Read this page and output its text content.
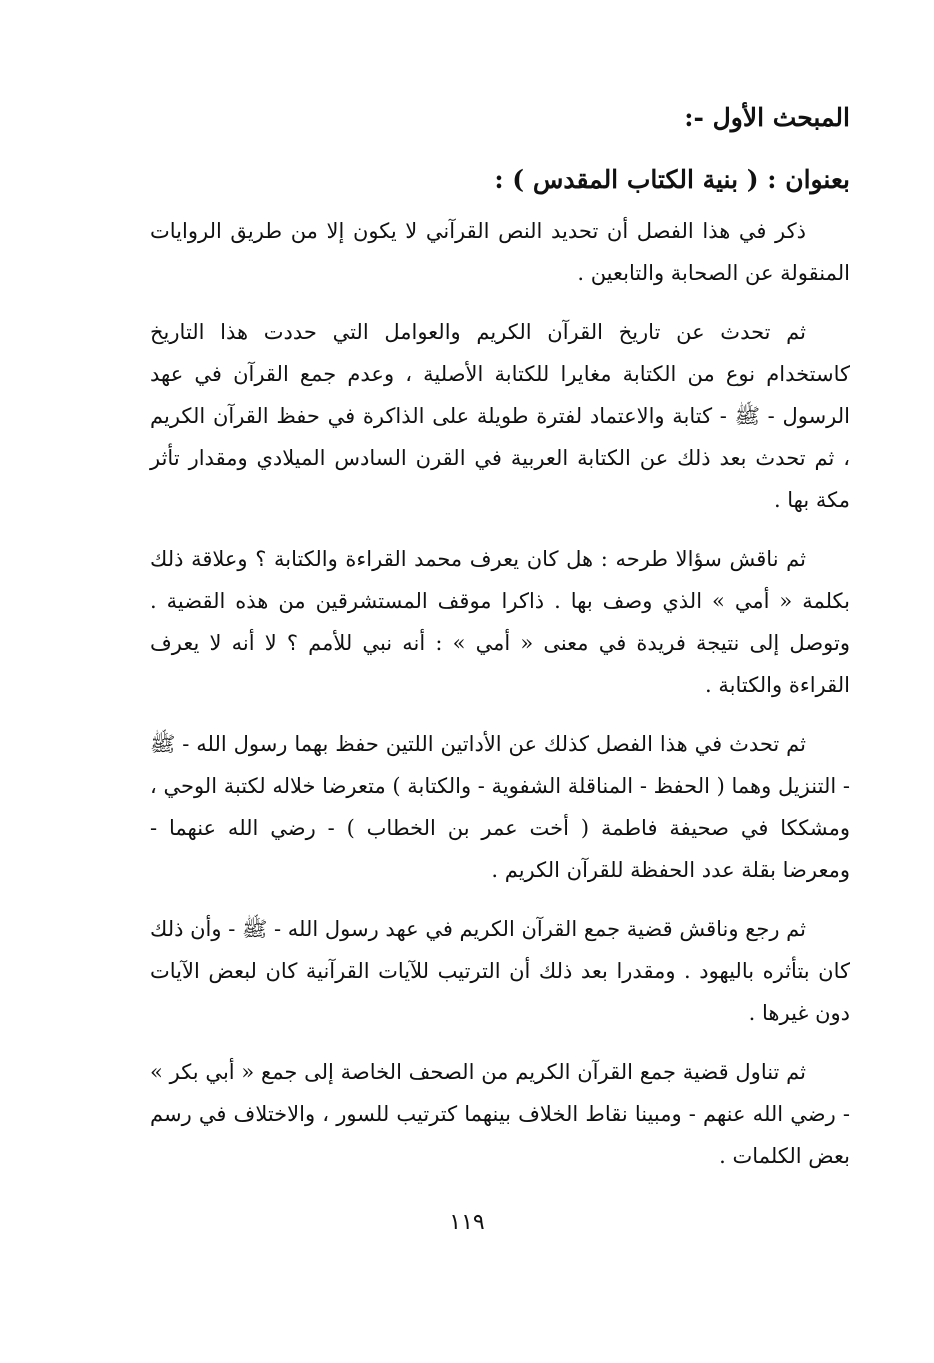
المبحث الأول -:
بعنوان : ( بنية الكتاب المقدس ) :

ذكر في هذا الفصل أن تحديد النص القرآني لا يكون إلا من طريق الروايات المنقولة عن الصحابة والتابعين .

ثم تحدث عن تاريخ القرآن الكريم والعوامل التي حددت هذا التاريخ كاستخدام نوع من الكتابة مغايرا للكتابة الأصلية ، وعدم جمع القرآن في عهد الرسول - ﷺ - كتابة والاعتماد لفترة طويلة على الذاكرة في حفظ القرآن الكريم ، ثم تحدث بعد ذلك عن الكتابة العربية في القرن السادس الميلادي ومقدار تأثر مكة بها .

ثم ناقش سؤالا طرحه : هل كان يعرف محمد القراءة والكتابة ؟ وعلاقة ذلك بكلمة « أمي » الذي وصف بها . ذاكرا موقف المستشرقين من هذه القضية . وتوصل إلى نتيجة فريدة في معنى « أمي » : أنه نبي للأمم ؟ لا أنه لا يعرف القراءة والكتابة .

ثم تحدث في هذا الفصل كذلك عن الأداتين اللتين حفظ بهما رسول الله - ﷺ - التنزيل وهما ( الحفظ - المناقلة الشفوية - والكتابة ) متعرضا خلاله لكتبة الوحي ، ومشككا في صحيفة فاطمة ( أخت عمر بن الخطاب ) - رضي الله عنهما - ومعرضا بقلة عدد الحفظة للقرآن الكريم .

ثم رجع وناقش قضية جمع القرآن الكريم في عهد رسول الله - ﷺ - وأن ذلك كان بتأثره باليهود . ومقدرا بعد ذلك أن الترتيب للآيات القرآنية كان لبعض الآيات دون غيرها .

ثم تناول قضية جمع القرآن الكريم من الصحف الخاصة إلى جمع « أبي بكر » - رضي الله عنهم - ومبينا نقاط الخلاف بينهما كترتيب للسور ، والاختلاف في رسم بعض الكلمات .

١١٩
